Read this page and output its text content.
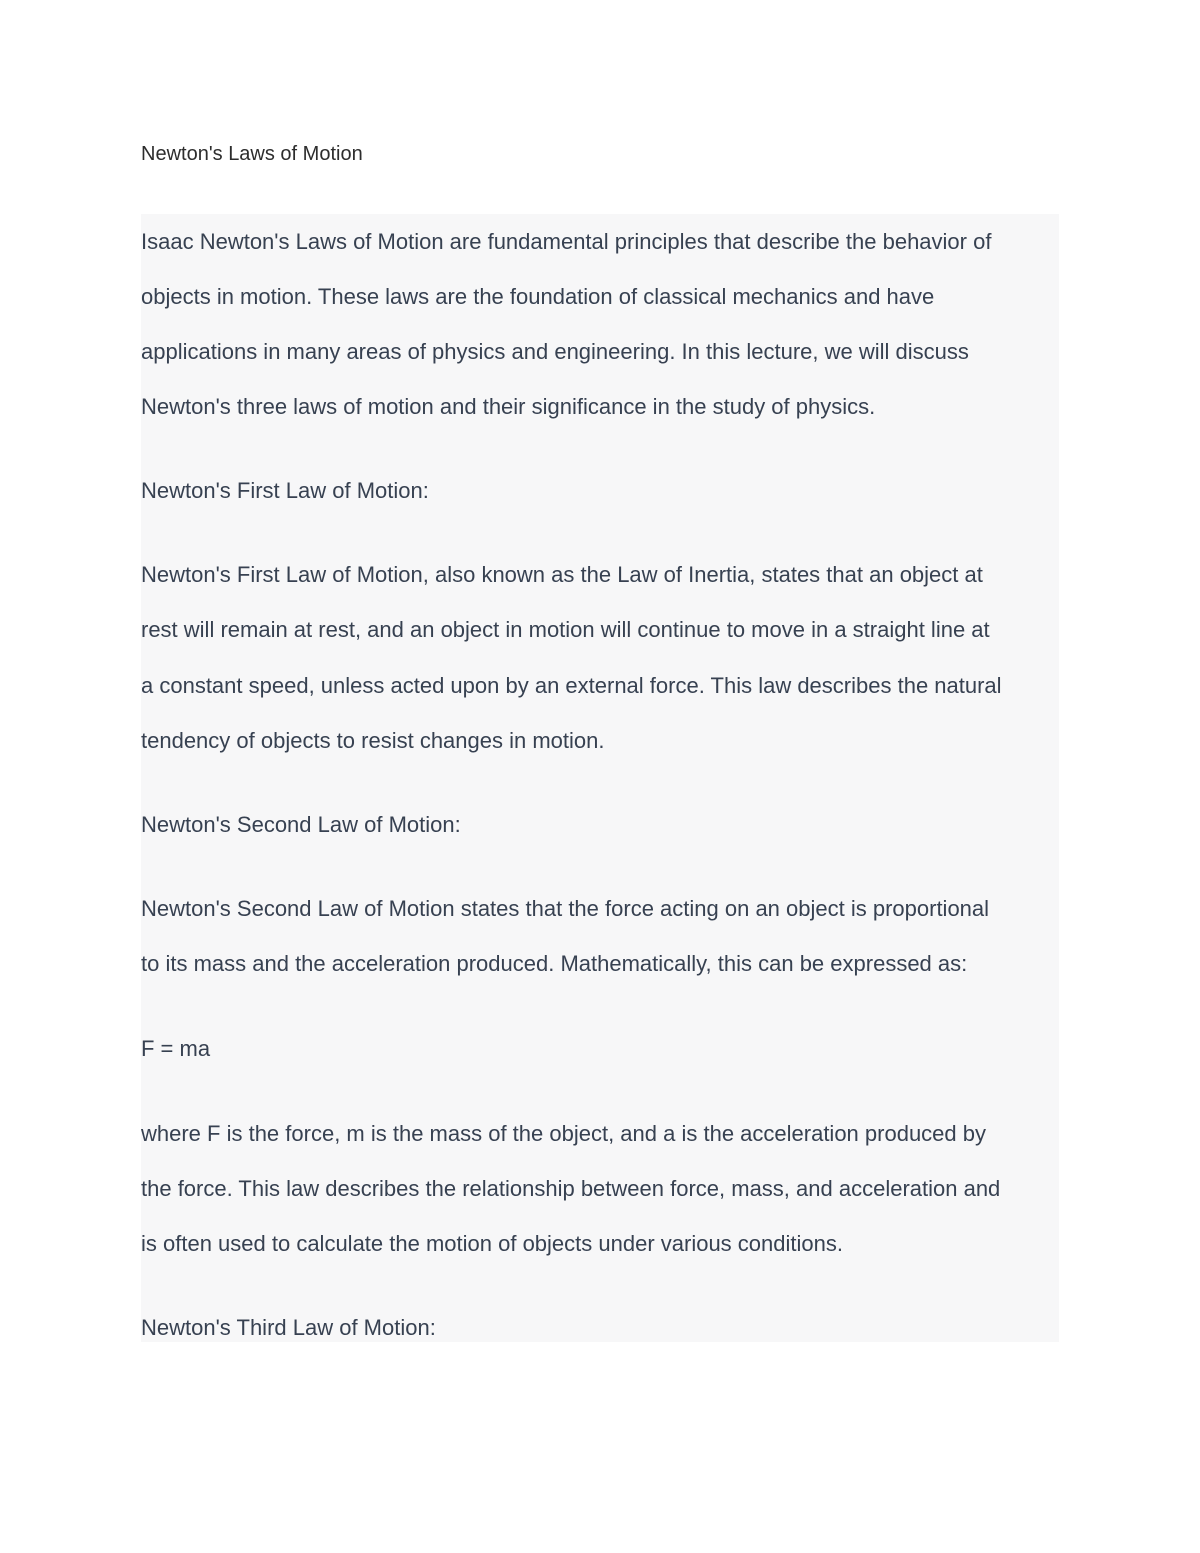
Newton's Laws of Motion
Isaac Newton's Laws of Motion are fundamental principles that describe the behavior of
objects in motion. These laws are the foundation of classical mechanics and have
applications in many areas of physics and engineering. In this lecture, we will discuss
Newton's three laws of motion and their significance in the study of physics.
Newton's First Law of Motion:
Newton's First Law of Motion, also known as the Law of Inertia, states that an object at
rest will remain at rest, and an object in motion will continue to move in a straight line at
a constant speed, unless acted upon by an external force. This law describes the natural
tendency of objects to resist changes in motion.
Newton's Second Law of Motion:
Newton's Second Law of Motion states that the force acting on an object is proportional
to its mass and the acceleration produced. Mathematically, this can be expressed as:
F = ma
where F is the force, m is the mass of the object, and a is the acceleration produced by
the force. This law describes the relationship between force, mass, and acceleration and
is often used to calculate the motion of objects under various conditions.
Newton's Third Law of Motion:
